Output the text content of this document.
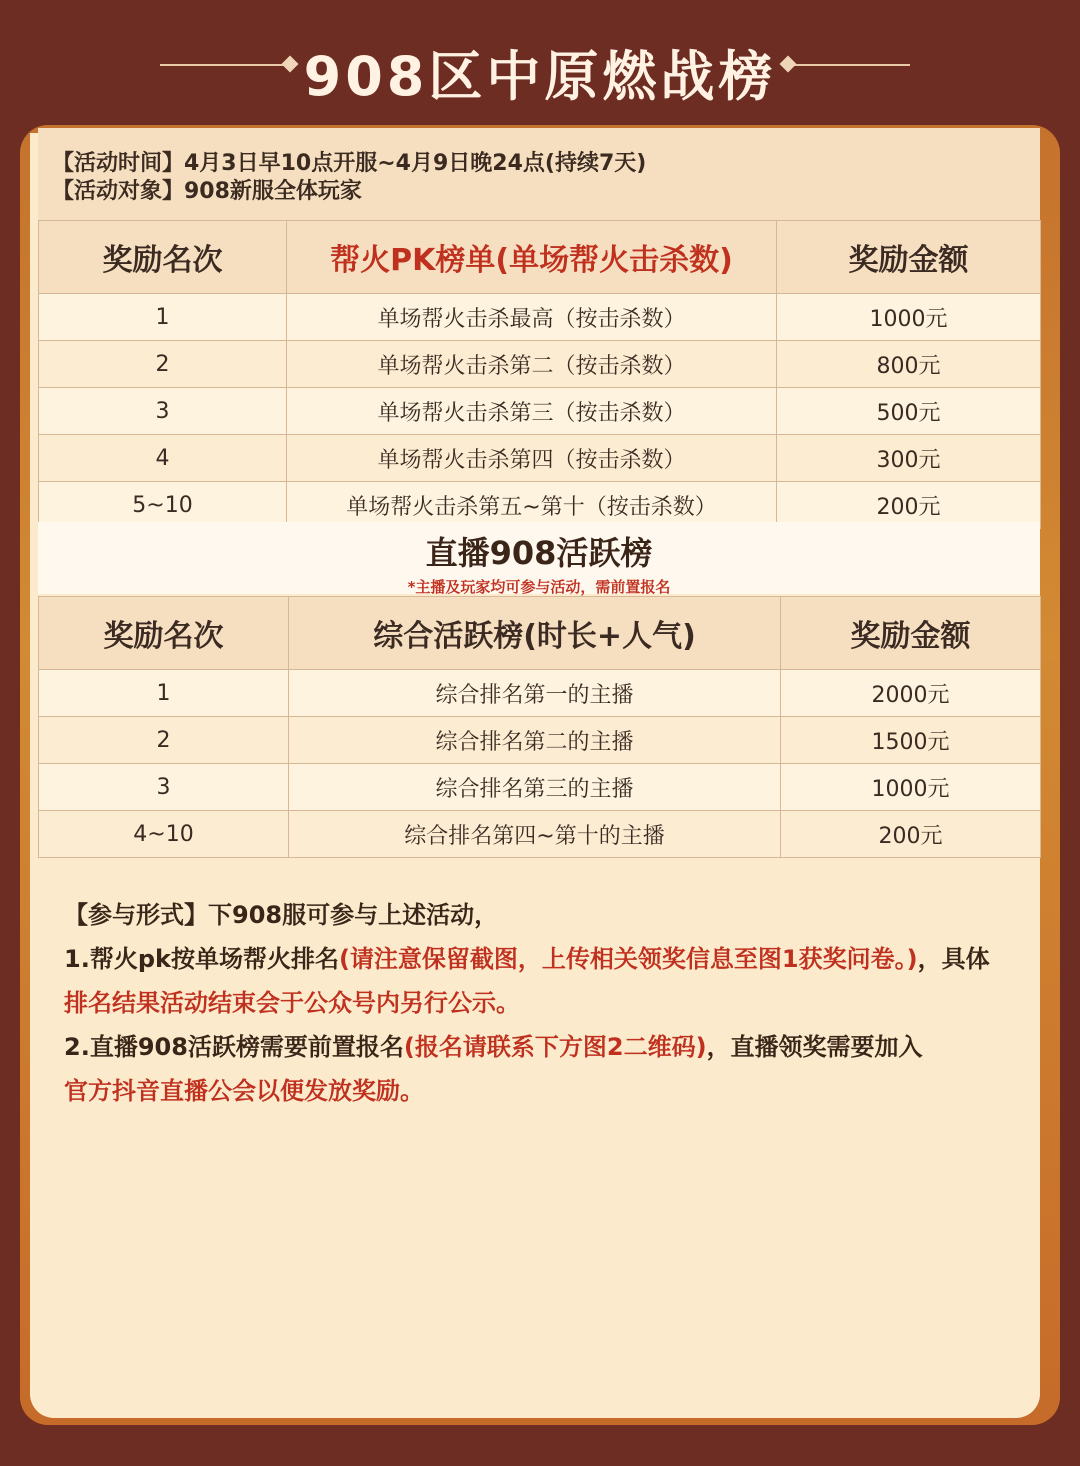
908区中原燃战榜
【活动时间】4月3日早10点开服~4月9日晚24点(持续7天)
【活动对象】908新服全体玩家
奖励名次	帮火PK榜单(单场帮火击杀数)	奖励金额
1	单场帮火击杀最高（按击杀数）	1000元
2	单场帮火击杀第二（按击杀数）	800元
3	单场帮火击杀第三（按击杀数）	500元
4	单场帮火击杀第四（按击杀数）	300元
5~10	单场帮火击杀第五~第十（按击杀数）	200元
直播908活跃榜
*主播及玩家均可参与活动，需前置报名
奖励名次	综合活跃榜(时长+人气)	奖励金额
1	综合排名第一的主播	2000元
2	综合排名第二的主播	1500元
3	综合排名第三的主播	1000元
4~10	综合排名第四~第十的主播	200元

【参与形式】下908服可参与上述活动，

1.帮火pk按单场帮火排名(请注意保留截图，上传相关领奖信息至图1获奖问卷。)，具体

排名结果活动结束会于公众号内另行公示。

2.直播908活跃榜需要前置报名(报名请联系下方图2二维码)，直播领奖需要加入

官方抖音直播公会以便发放奖励。
